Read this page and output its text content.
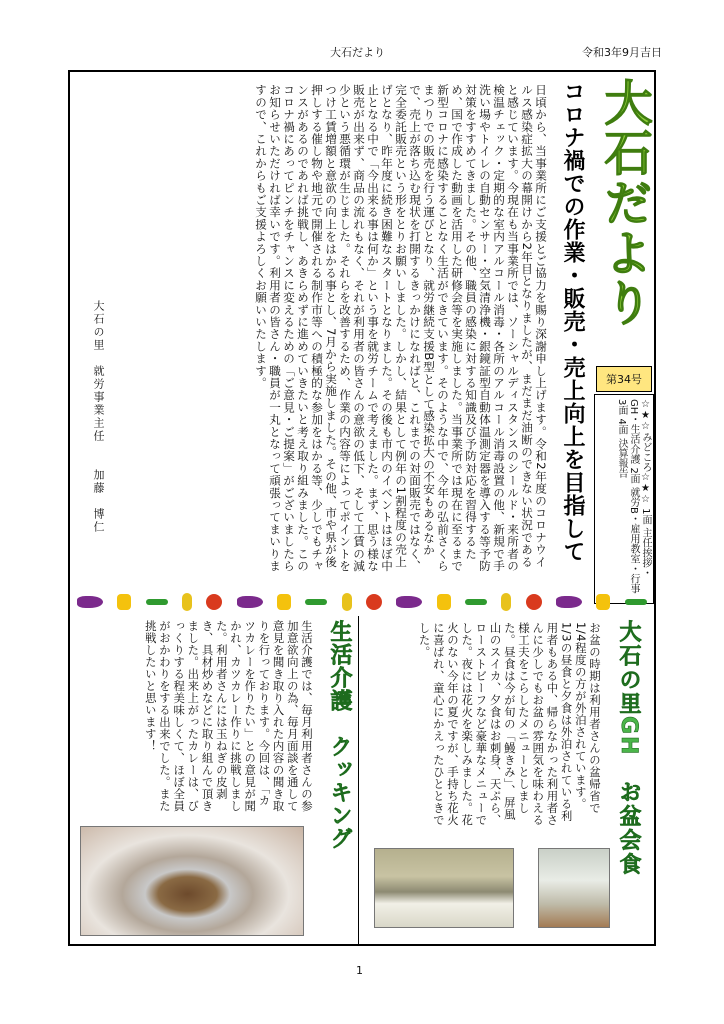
大石だより	令和3年9月吉日
大石だより
第34号
☆★☆みどころ☆★☆ 1面 主任挨拶・GH・生活介護 2面 就労B・雇用教室・行事 3面 4面 決算報告
コロナ禍での作業・販売・売上向上を目指して
日頃から、当事業所にご支援とご協力を賜り深謝申し上げます。令和2年度のコロナウイルス感染症拡大の幕開けから2年目となりましたが、まだまだ油断のできない状況であると感じています。今現在も当事業所では、ソーシャルディスタンスのシールド・来所者の検温チェック・定期的な室内アルコール消毒・各所のアルコール消毒設置の他、新規で手洗い場やトイレの自動センサー・空気清浄機・銀鏡証型自動体温測定器を導入する等予防対策をすすめてきました。その他、職員の感染に対する知識及び予防対応を習得するため、国で作成した動画を活用した研修会等を実施しました。当事業所では現在に至るまで新型コロナに感染することなく生活ができています。そのような中で、今年の弘前さくらまつりでの販売を行う運びとなり、就労継続支援B型として感染拡大の不安もあるなかで、売上が落ち込む現状を打開するきっかけになればと、これまでの対面販売ではなく、完全委託販売という形をとりお願いしました。しかし、結果として例年の1割程度の売上げとなり、昨年度に続き困難なスタートとなりました。その後も市内のイベントはほぼ中止となる中で「今出来る事は何か」という事を就労チームで考えました。まず、思う様な販売が出来ず、商品の流れもなく、それが利用者の皆さんの意欲の低下、そして工賃の減少という悪循環が生じました。それらを改善するため、作業の内容等によってポイントをつけ工賃増額と意欲の向上をはかる事とし、7月から実施しました。その他、市や県が後押しする催し物や地元で開催される制作市等への積極的な参加をはかる等、少しでもチャンスがあるのであれば挑戦し、あきらめずに進めていきたいと考え取り組みました。このコロナ禍にあってピンチをチャンスに変えるための「ご意見・ご提案」がございましたらお知らせいただければ幸いです。利用者の皆さん・職員が一丸となって頑張ってまいりますので、これからもご支援よろしくお願いいたします。
大石の里　就労事業主任　　加藤　博仁
大石の里GH　お盆会食
お盆の時期は利用者さんの盆帰省で1/4程度の方が外泊されています。1/3の昼食と夕食は外泊されている利用者もある中、帰らなかった利用者さんに少しでもお盆の雰囲気を味わえる様工夫をこらしたメニューとしました。昼食は今が旬の「鰻きみ」、屏風山のスイカ、夕食はお刺身、天ぷら、ローストビーフなど豪華なメニューでした。夜には花火を楽しみました。花火のない今年の夏ですが、手持ち花火に喜ばれ、童心にかえったひとときでした。
生活介護　クッキング
生活介護では、毎月利用者さんの参加意欲向上の為、毎月面談を通して意見を聞き取り入れた内容の聞き取りを行っております。今回は、「カツカレーを作りたい」との意見が聞かれ、カツカレー作りに挑戦しました。利用者さんには玉ねぎの皮剥き、具材炒めなどに取り組んで頂きました。出来上がったカレーは、びっくりする程美味しくて、ほぼ全員がおかわりをする出来でした。また挑戦したいと思います！
1
